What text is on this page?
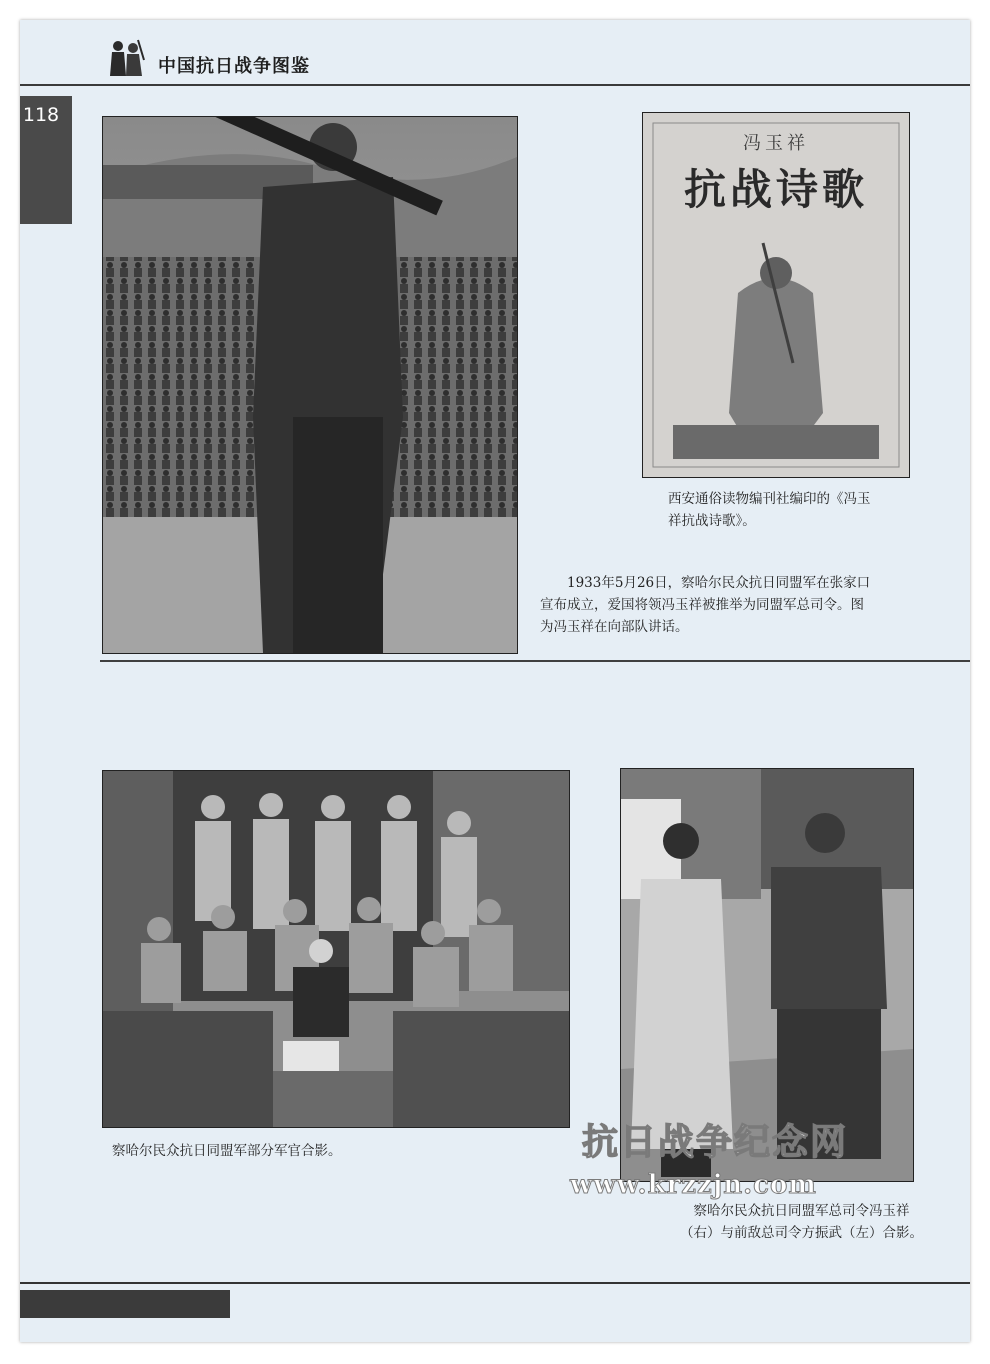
中国抗日战争图鉴
118
冯玉祥
抗战诗歌
西安通俗读物编刊社编印的《冯玉
祥抗战诗歌》。
1933年5月26日，察哈尔民众抗日同盟军在张家口
宣布成立，爱国将领冯玉祥被推举为同盟军总司令。图
为冯玉祥在向部队讲话。
察哈尔民众抗日同盟军部分军官合影。
察哈尔民众抗日同盟军总司令冯玉祥
（右）与前敌总司令方振武（左）合影。
抗日战争纪念网
www.krzzjn.com
